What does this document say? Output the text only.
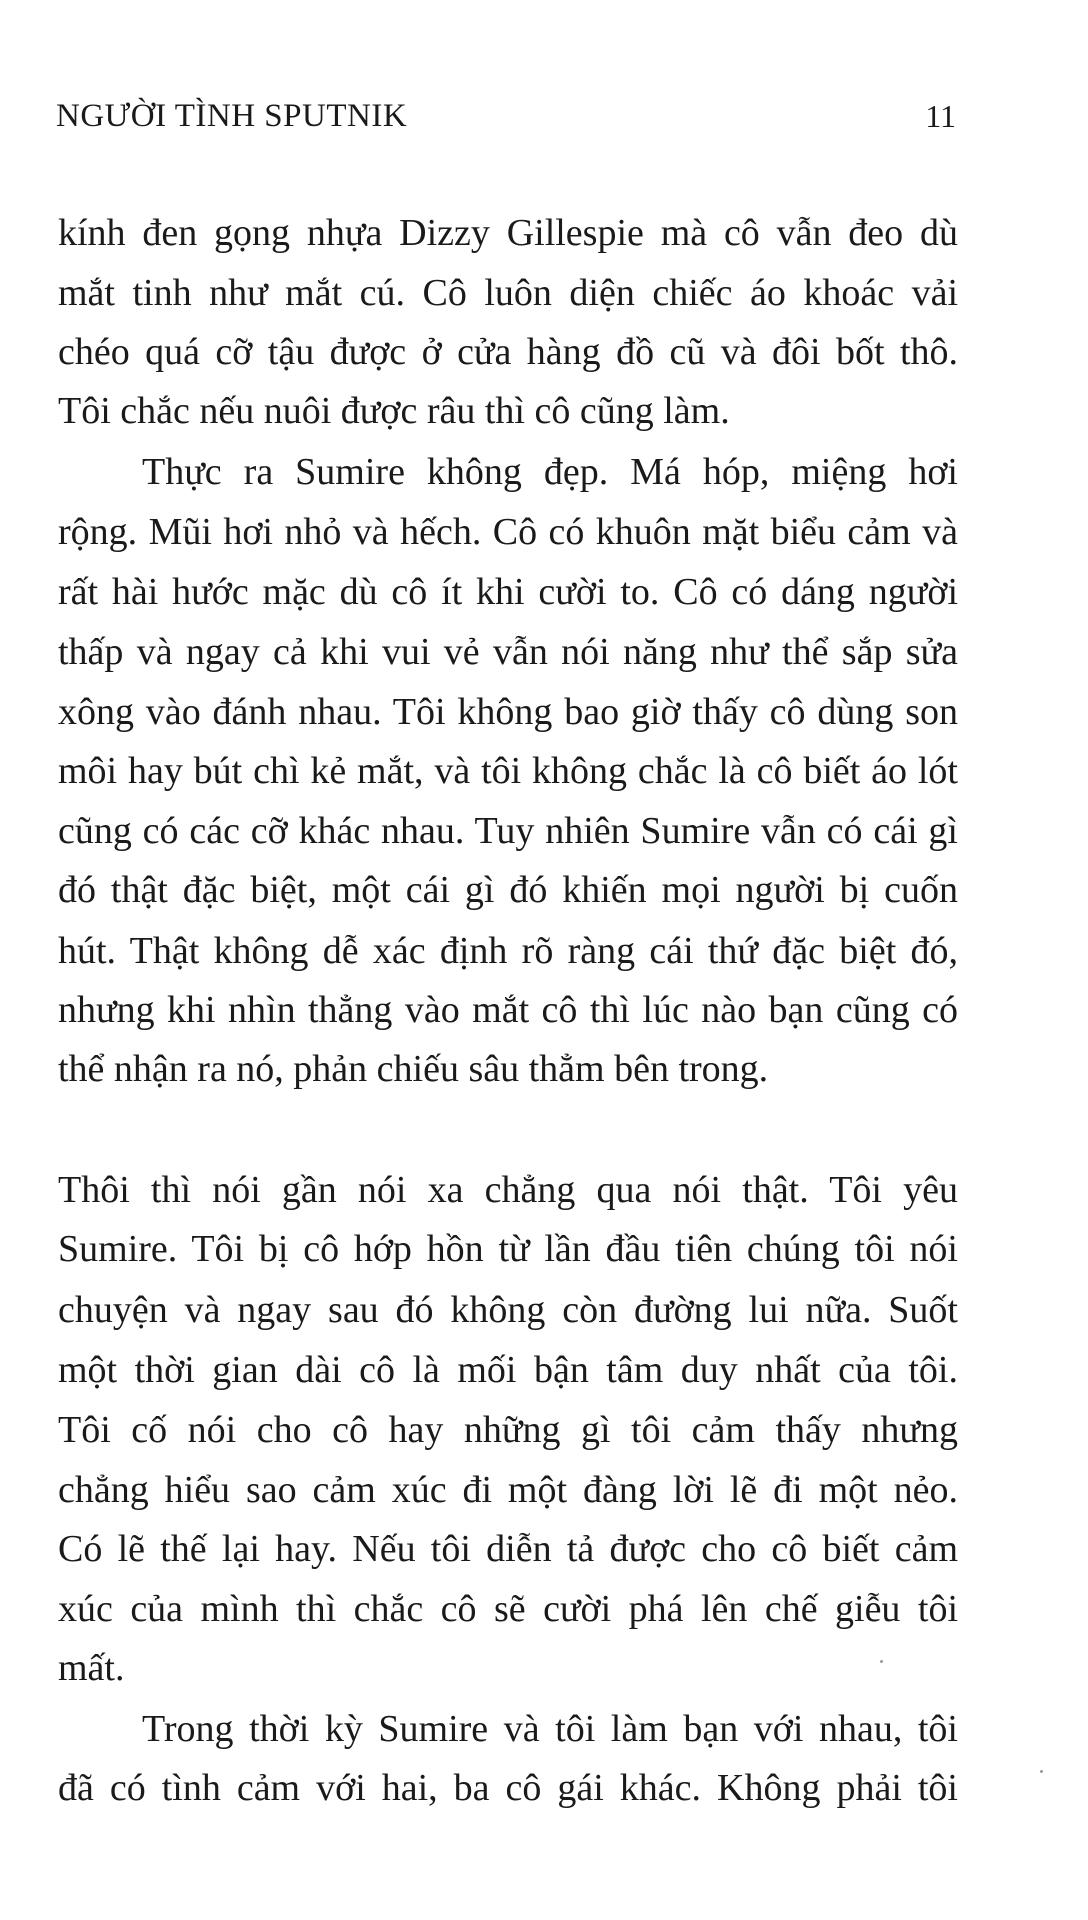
NGƯỜI TÌNH SPUTNIK	11
kính đen gọng nhựa Dizzy Gillespie mà cô vẫn đeo dù
mắt tinh như mắt cú. Cô luôn diện chiếc áo khoác vải
chéo quá cỡ tậu được ở cửa hàng đồ cũ và đôi bốt thô.
Tôi chắc nếu nuôi được râu thì cô cũng làm.
Thực ra Sumire không đẹp. Má hóp, miệng hơi
rộng. Mũi hơi nhỏ và hếch. Cô có khuôn mặt biểu cảm và
rất hài hước mặc dù cô ít khi cười to. Cô có dáng người
thấp và ngay cả khi vui vẻ vẫn nói năng như thể sắp sửa
xông vào đánh nhau. Tôi không bao giờ thấy cô dùng son
môi hay bút chì kẻ mắt, và tôi không chắc là cô biết áo lót
cũng có các cỡ khác nhau. Tuy nhiên Sumire vẫn có cái gì
đó thật đặc biệt, một cái gì đó khiến mọi người bị cuốn
hút. Thật không dễ xác định rõ ràng cái thứ đặc biệt đó,
nhưng khi nhìn thẳng vào mắt cô thì lúc nào bạn cũng có
thể nhận ra nó, phản chiếu sâu thẳm bên trong.
Thôi thì nói gần nói xa chẳng qua nói thật. Tôi yêu
Sumire. Tôi bị cô hớp hồn từ lần đầu tiên chúng tôi nói
chuyện và ngay sau đó không còn đường lui nữa. Suốt
một thời gian dài cô là mối bận tâm duy nhất của tôi.
Tôi cố nói cho cô hay những gì tôi cảm thấy nhưng
chẳng hiểu sao cảm xúc đi một đàng lời lẽ đi một nẻo.
Có lẽ thế lại hay. Nếu tôi diễn tả được cho cô biết cảm
xúc của mình thì chắc cô sẽ cười phá lên chế giễu tôi
mất.
Trong thời kỳ Sumire và tôi làm bạn với nhau, tôi
đã có tình cảm với hai, ba cô gái khác. Không phải tôi
